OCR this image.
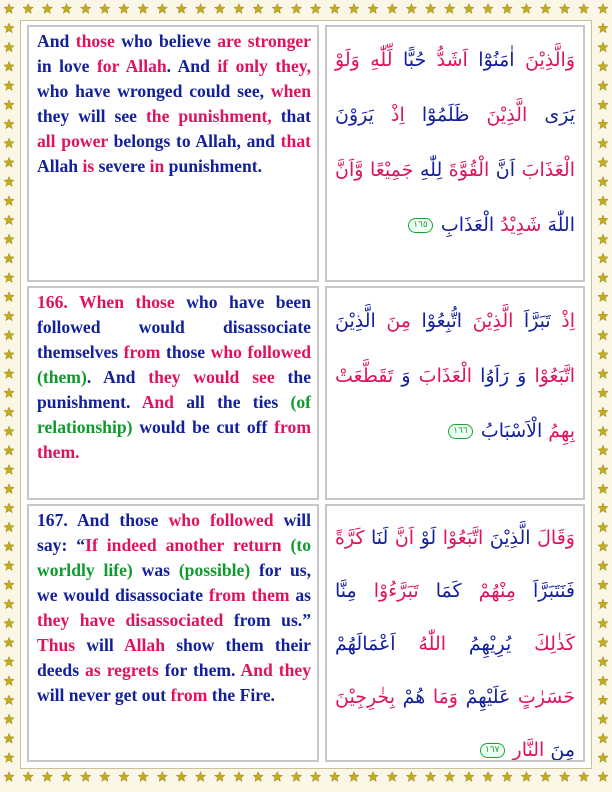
And those who believe are stronger in love for Allah. And if only they, who have wronged could see, when they will see the punishment, that all power belongs to Allah, and that Allah is severe in punishment.
وَالَّذِيْنَ اٰمَنُوْٓا اَشَدُّ حُبًّا لِّلّٰهِ وَلَوْ يَرَى الَّذِيْنَ ظَلَمُوْٓا اِذْ يَرَوْنَ الْعَذَابَ اَنَّ الْقُوَّةَ لِلّٰهِ جَمِيْعًا وَّاَنَّ اللّٰهَ شَدِيْدُ الْعَذَابِ ١٦٥
166. When those who have been followed would disassociate themselves from those who followed (them). And they would see the punishment. And all the ties (of relationship) would be cut off from them.
اِذْ تَبَرَّاَ الَّذِيْنَ اتُّبِعُوْا مِنَ الَّذِيْنَ اتَّبَعُوْا وَ رَاَوُا الْعَذَابَ وَ تَقَطَّعَتْ بِهِمُ الْاَسْبَابُ ١٦٦
167. And those who followed will say: “If indeed another return (to worldly life) was (possible) for us, we would disassociate from them as they have disassociated from us.” Thus will Allah show them their deeds as regrets for them. And they will never get out from the Fire.
وَقَالَ الَّذِيْنَ اتَّبَعُوْا لَوْ اَنَّ لَنَا كَرَّةً فَنَتَبَرَّاَ مِنْهُمْ كَمَا تَبَرَّءُوْا مِنَّا كَذٰلِكَ يُرِيْهِمُ اللّٰهُ اَعْمَالَهُمْ حَسَرٰتٍ عَلَيْهِمْ وَمَا هُمْ بِخٰرِجِيْنَ مِنَ النَّارِ ١٦٧
